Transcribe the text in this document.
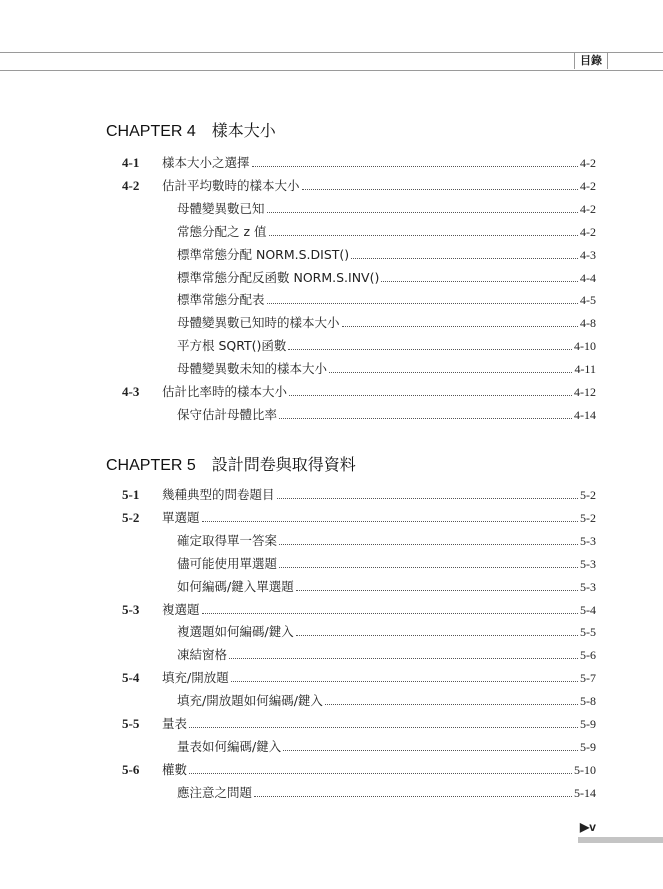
目錄
CHAPTER 4 樣本大小
4-1	樣本大小之選擇	4-2
4-2	估計平均數時的樣本大小	4-2
母體變異數已知	4-2
常態分配之 z 值	4-2
標準常態分配 NORM.S.DIST()	4-3
標準常態分配反函數 NORM.S.INV()	4-4
標準常態分配表	4-5
母體變異數已知時的樣本大小	4-8
平方根 SQRT()函數	4-10
母體變異數未知的樣本大小	4-11
4-3	估計比率時的樣本大小	4-12
保守估計母體比率	4-14
CHAPTER 5 設計問卷與取得資料
5-1	幾種典型的問卷題目	5-2
5-2	單選題	5-2
確定取得單一答案	5-3
儘可能使用單選題	5-3
如何編碼/鍵入單選題	5-3
5-3	複選題	5-4
複選題如何編碼/鍵入	5-5
凍結窗格	5-6
5-4	填充/開放題	5-7
填充/開放題如何編碼/鍵入	5-8
5-5	量表	5-9
量表如何編碼/鍵入	5-9
5-6	權數	5-10
應注意之問題	5-14
▶v
